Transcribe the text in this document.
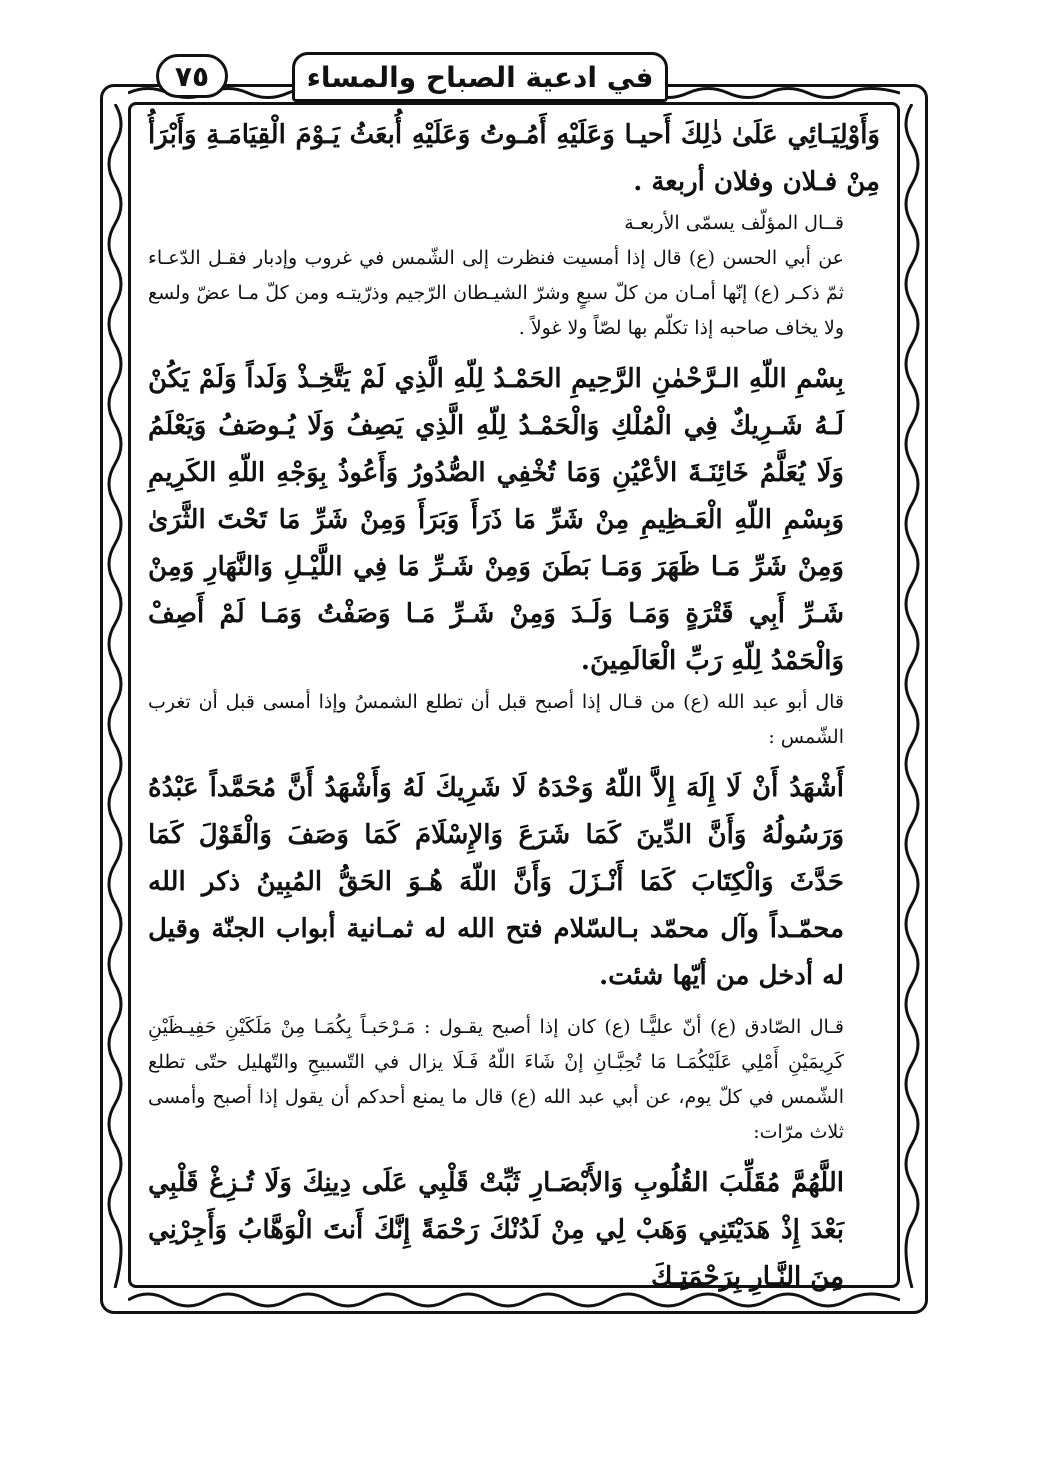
في ادعية الصباح والمساء
٧٥

وَأَوْلِيَـائِي عَلَىٰ ذٰلِكَ أَحيـا وَعَلَيْهِ أَمُـوتُ وَعَلَيْهِ أُبعَثُ يَـوْمَ الْقِيَامَـةِ وَأَبْرَأُ مِنْ فـلان وفلان أربعة .

قــال المؤلّف يسمّى الأربعـة

عن أبي الحسن (ع) قال إذا أمسيت فنظرت إلى الشّمس في غروب وإدبار فقـل الدّعـاء ثمّ ذكـر (ع) إنّها أمـان من كلّ سبعٍ وشرّ الشيـطان الرّجيم وذرّيتـه ومن كلّ مـا عضّ ولسع ولا يخاف صاحبه إذا تكلّم بها لصّاً ولا غولاً .

بِسْمِ اللّهِ الـرَّحْمٰنِ الرَّحِيمِ الحَمْـدُ لِلّهِ الَّذِي لَمْ يَتَّخِـذْ وَلَداً وَلَمْ يَكُنْ لَـهُ شَـرِيكٌ فِي الْمُلْكِ وَالْحَمْـدُ لِلّهِ الَّذِي يَصِفُ وَلَا يُـوصَفُ وَيَعْلَمُ وَلَا يُعَلَّمُ خَائِنَـةَ الأعْيُنِ وَمَا تُخْفِي الصُّدُورُ وَأَعُوذُ بِوَجْهِ اللّهِ الكَرِيمِ وَبِسْمِ اللّهِ الْعَـظِيمِ مِنْ شَرِّ مَا ذَرَأَ وَبَرَأَ وَمِنْ شَرِّ مَا تَحْتَ الثَّرَىٰ وَمِنْ شَرِّ مَـا ظَهَرَ وَمَـا بَطَنَ وَمِنْ شَـرِّ مَا فِي اللَّيْـلِ وَالنَّهَارِ وَمِنْ شَـرِّ أَبِي قَتْرَةٍ وَمَـا وَلَـدَ وَمِنْ شَـرِّ مَـا وَصَفْتُ وَمَـا لَمْ أَصِفْ وَالْحَمْدُ لِلّهِ رَبِّ الْعَالَمِينَ.

قال أبو عبد الله (ع) من قـال إذا أصبح قبل أن تطلع الشمسُ وإذا أمسى قبل أن تغرب الشّمس :

أَشْهَدُ أَنْ لَا إِلَهَ إِلاَّ اللّهُ وَحْدَهُ لَا شَرِيكَ لَهُ وَأَشْهَدُ أَنَّ مُحَمَّداً عَبْدُهُ وَرَسُولُهُ وَأَنَّ الدِّينَ كَمَا شَرَعَ وَالإِسْلَامَ كَمَا وَصَفَ وَالْقَوْلَ كَمَا حَدَّثَ وَالْكِتَابَ كَمَا أَنْـزَلَ وَأَنَّ اللّهَ هُـوَ الحَقُّ المُبِينُ ذكر الله محمّـداً وآل محمّد بـالسّلام فتح الله له ثمـانية أبواب الجنّة وقيل له أدخل من أيّها شئت.

قـال الصّادق (ع) أنّ عليًّـا (ع) كان إذا أصبح يقـول : مَـرْحَبـاً بِكُمَـا مِنْ مَلَكَيْنِ حَفِيـظَيْنِ كَرِيمَيْنِ أَمْلِي عَلَيْكُمَـا مَا تُحِبَّـانِ إنْ شَاءَ اللّهُ فَـلَا يزال في التّسبيحِ والتّهليل حتّى تطلع الشّمس في كلّ يوم، عن أبي عبد الله (ع) قال ما يمنع أحدكم أن يقول إذا أصبح وأمسى ثلاث مرّات:

اللَّهُمَّ مُقَلِّبَ القُلُوبِ وَالأَبْصَـارِ ثَبِّتْ قَلْبِي عَلَى دِينِكَ وَلَا تُـزِغْ قَلْبِي بَعْدَ إِذْ هَدَيْتَنِي وَهَبْ لِي مِنْ لَدُنْكَ رَحْمَةً إِنَّكَ أَنتَ الْوَهَّابُ وَأَجِرْنِي مِنَ النَّـارِ بِرَحْمَتِـكَ
